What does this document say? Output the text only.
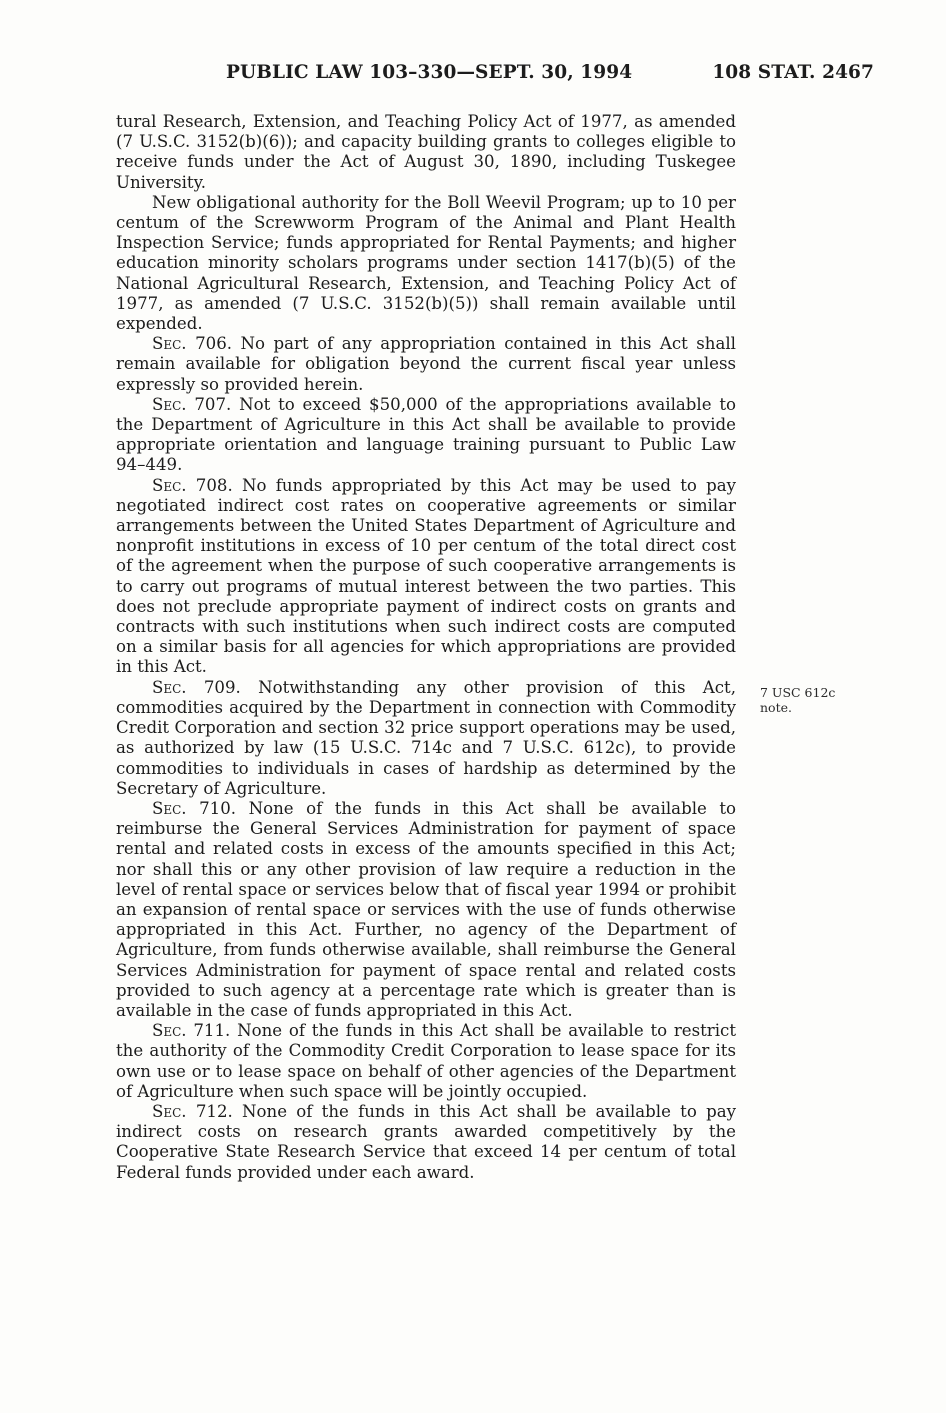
PUBLIC LAW 103–330—SEPT. 30, 1994	108 STAT. 2467

tural Research, Extension, and Teaching Policy Act of 1977, as amended (7 U.S.C. 3152(b)(6)); and capacity building grants to colleges eligible to receive funds under the Act of August 30, 1890, including Tuskegee University.

New obligational authority for the Boll Weevil Program; up to 10 per centum of the Screwworm Program of the Animal and Plant Health Inspection Service; funds appropriated for Rental Payments; and higher education minority scholars programs under section 1417(b)(5) of the National Agricultural Research, Extension, and Teaching Policy Act of 1977, as amended (7 U.S.C. 3152(b)(5)) shall remain available until expended.

Sec. 706. No part of any appropriation contained in this Act shall remain available for obligation beyond the current fiscal year unless expressly so provided herein.

Sec. 707. Not to exceed $50,000 of the appropriations available to the Department of Agriculture in this Act shall be available to provide appropriate orientation and language training pursuant to Public Law 94–449.

Sec. 708. No funds appropriated by this Act may be used to pay negotiated indirect cost rates on cooperative agreements or similar arrangements between the United States Department of Agriculture and nonprofit institutions in excess of 10 per centum of the total direct cost of the agreement when the purpose of such cooperative arrangements is to carry out programs of mutual interest between the two parties. This does not preclude appropriate payment of indirect costs on grants and contracts with such institutions when such indirect costs are computed on a similar basis for all agencies for which appropriations are provided in this Act.

Sec. 709. Notwithstanding any other provision of this Act, commodities acquired by the Department in connection with Commodity Credit Corporation and section 32 price support operations may be used, as authorized by law (15 U.S.C. 714c and 7 U.S.C. 612c), to provide commodities to individuals in cases of hardship as determined by the Secretary of Agriculture.

Sec. 710. None of the funds in this Act shall be available to reimburse the General Services Administration for payment of space rental and related costs in excess of the amounts specified in this Act; nor shall this or any other provision of law require a reduction in the level of rental space or services below that of fiscal year 1994 or prohibit an expansion of rental space or services with the use of funds otherwise appropriated in this Act. Further, no agency of the Department of Agriculture, from funds otherwise available, shall reimburse the General Services Administration for payment of space rental and related costs provided to such agency at a percentage rate which is greater than is available in the case of funds appropriated in this Act.

Sec. 711. None of the funds in this Act shall be available to restrict the authority of the Commodity Credit Corporation to lease space for its own use or to lease space on behalf of other agencies of the Department of Agriculture when such space will be jointly occupied.

Sec. 712. None of the funds in this Act shall be available to pay indirect costs on research grants awarded competitively by the Cooperative State Research Service that exceed 14 per centum of total Federal funds provided under each award.

7 USC 612c
note.
